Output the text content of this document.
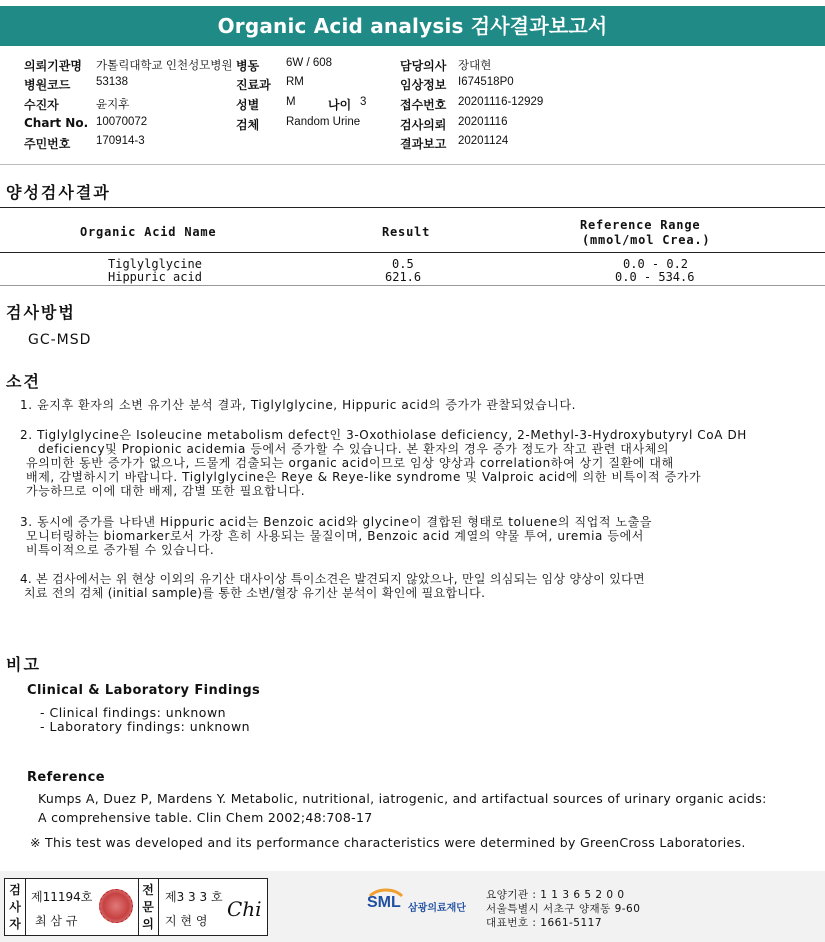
Organic Acid analysis 검사결과보고서
의뢰기관명 가톨릭대학교 인천성모병원 병동 6W / 608	담당의사 장대현
병원코드 53138	진료과 RM	임상정보 I674518P0
수진자	윤지후	성별 M	나이 3	접수번호 20201116-12929
Chart No. 10070072	검체 Random Urine	검사의뢰 20201116
주민번호 170914-3	결과보고 20201124
양성검사결과
Organic Acid Name	Result	Reference Range
(mmol/mol Crea.)
Tiglylglycine	0.5	0.0 - 0.2
Hippuric acid	621.6	0.0 - 534.6
검사방법
GC-MSD
소견
1. 윤지후 환자의 소변 유기산 분석 결과, Tiglylglycine, Hippuric acid의 증가가 관찰되었습니다.
2. Tiglylglycine은 Isoleucine metabolism defect인 3-Oxothiolase deficiency, 2-Methyl-3-Hydroxybutyryl CoA DH
deficiency및 Propionic acidemia 등에서 증가할 수 있습니다. 본 환자의 경우 증가 정도가 작고 관련 대사체의
유의미한 동반 증가가 없으나, 드물게 검출되는 organic acid이므로 임상 양상과 correlation하여 상기 질환에 대해
배제, 감별하시기 바랍니다. Tiglylglycine은 Reye & Reye-like syndrome 및 Valproic acid에 의한 비특이적 증가가
가능하므로 이에 대한 배제, 감별 또한 필요합니다.
3. 동시에 증가를 나타낸 Hippuric acid는 Benzoic acid와 glycine이 결합된 형태로 toluene의 직업적 노출을
모니터링하는 biomarker로서 가장 흔히 사용되는 물질이며, Benzoic acid 계열의 약물 투여, uremia 등에서
비특이적으로 증가될 수 있습니다.
4. 본 검사에서는 위 현상 이외의 유기산 대사이상 특이소견은 발견되지 않았으나, 만일 의심되는 임상 양상이 있다면
치료 전의 검체 (initial sample)를 통한 소변/혈장 유기산 분석이 확인에 필요합니다.
비고
Clinical & Laboratory Findings
- Clinical findings: unknown
- Laboratory findings: unknown
Reference
Kumps A, Duez P, Mardens Y. Metabolic, nutritional, iatrogenic, and artifactual sources of urinary organic acids:
A comprehensive table. Clin Chem 2002;48:708-17
※ This test was developed and its performance characteristics were determined by GreenCross Laboratories.
검
사
자
제11194호
최 삼 규
전
문
의
제3 3 3 호
지 현 영 Chi	SML 삼광의료재단
요양기관 : 1 1 3 6 5 2 0 0
서울특별시 서초구 양재동 9-60
대표번호 : 1661-5117
